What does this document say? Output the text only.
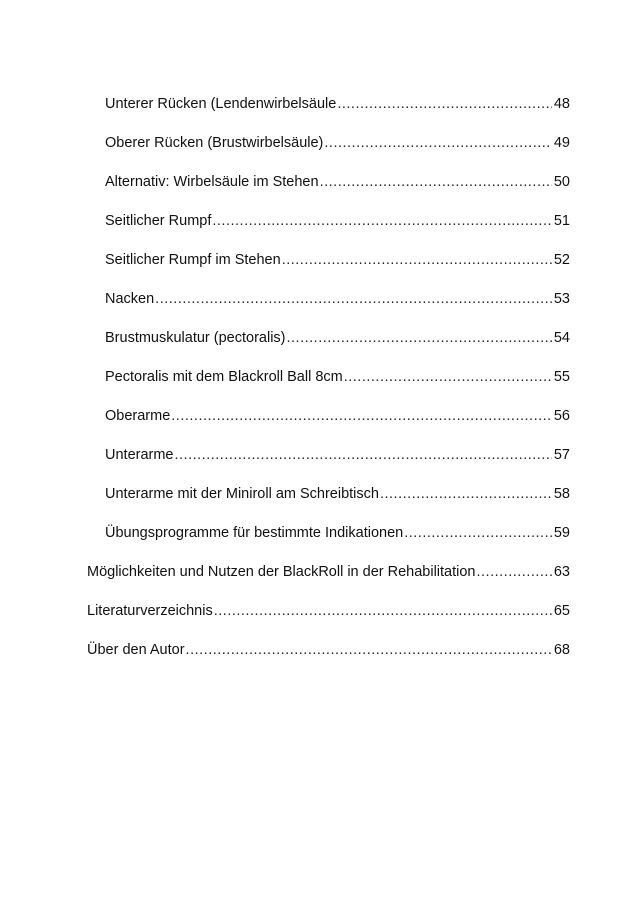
Unterer Rücken (Lendenwirbelsäule .....	48
Oberer Rücken (Brustwirbelsäule) .....	49
Alternativ: Wirbelsäule im Stehen .....	50
Seitlicher Rumpf .....	51
Seitlicher Rumpf im Stehen .....	52
Nacken .....	53
Brustmuskulatur (pectoralis) .....	54
Pectoralis mit dem Blackroll Ball 8cm .....	55
Oberarme .....	56
Unterarme .....	57
Unterarme mit der Miniroll am Schreibtisch .....	58
Übungsprogramme für bestimmte Indikationen .....	59
Möglichkeiten und Nutzen der BlackRoll in der Rehabilitation .....	63
Literaturverzeichnis .....	65
Über den Autor .....	68
